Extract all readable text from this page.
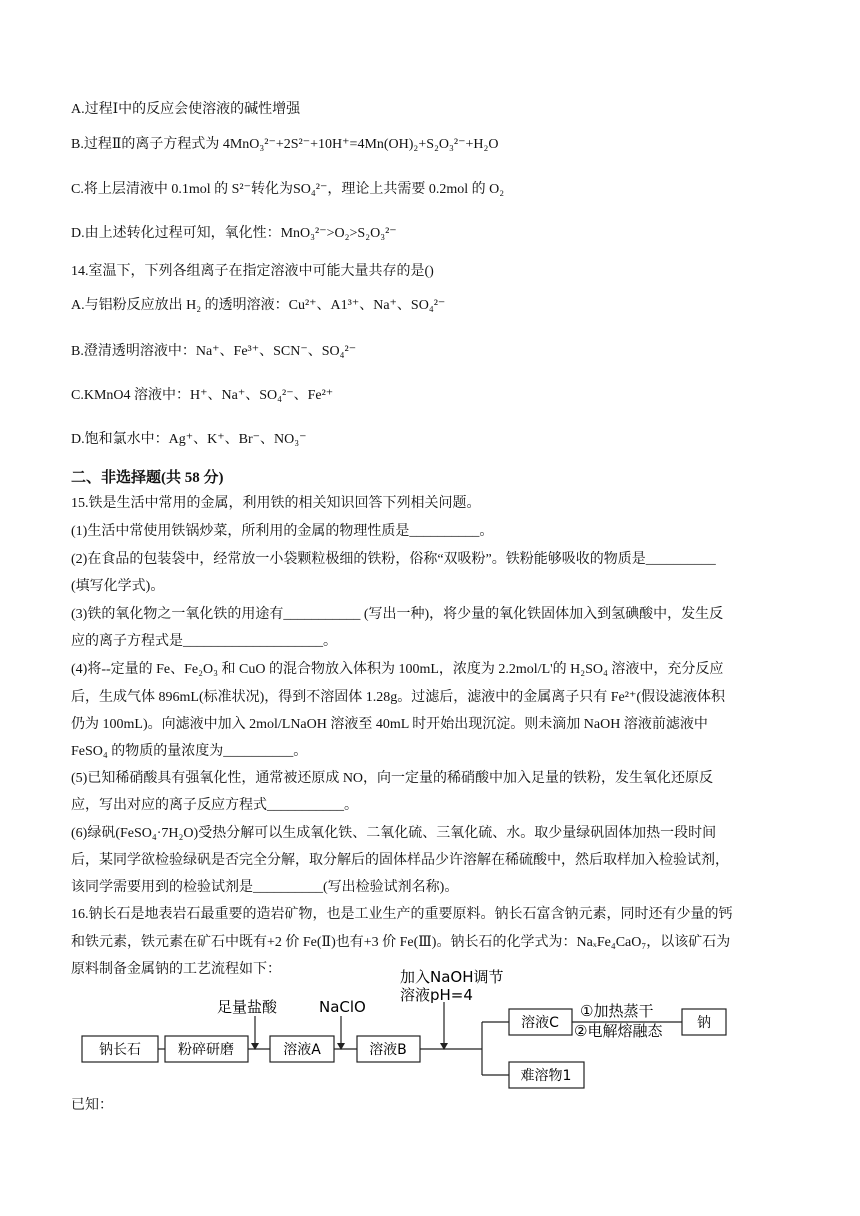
A.过程Ⅰ中的反应会使溶液的碱性增强
B.过程Ⅱ的离子方程式为 4MnO₃²⁻+2S²⁻+10H⁺=4Mn(OH)₂+S₂O₃²⁻+H₂O
C.将上层清液中 0.1mol 的 S²⁻转化为SO₄²⁻，理论上共需要 0.2mol 的 O₂
D.由上述转化过程可知，氧化性：MnO₃²⁻>O₂>S₂O₃²⁻
14.室温下，下列各组离子在指定溶液中可能大量共存的是()
A.与铝粉反应放出 H₂ 的透明溶液：Cu²⁺、A1³⁺、Na⁺、SO₄²⁻
B.澄清透明溶液中：Na⁺、Fe³⁺、SCN⁻、SO₄²⁻
C.KMnO4 溶液中：H⁺、Na⁺、SO₄²⁻、Fe²⁺
D.饱和氯水中：Ag⁺、K⁺、Br⁻、NO₃⁻
二、非选择题(共 58 分)
15.铁是生活中常用的金属，利用铁的相关知识回答下列相关问题。
(1)生活中常使用铁锅炒菜，所利用的金属的物理性质是__________。
(2)在食品的包装袋中，经常放一小袋颗粒极细的铁粉，俗称“双吸粉”。铁粉能够吸收的物质是__________
(填写化学式)。
(3)铁的氧化物之一氧化铁的用途有___________ (写出一种)，将少量的氧化铁固体加入到氢碘酸中，发生反
应的离子方程式是____________________。
(4)将--定量的 Fe、Fe₂O₃ 和 CuO 的混合物放入体积为 100mL，浓度为 2.2mol/L'的 H₂SO₄ 溶液中，充分反应
后，生成气体 896mL(标准状况)，得到不溶固体 1.28g。过滤后，滤液中的金属离子只有 Fe²⁺(假设滤液体积
仍为 100mL)。向滤液中加入 2mol/LNaOH 溶液至 40mL 时开始出现沉淀。则未滴加 NaOH 溶液前滤液中
FeSO₄ 的物质的量浓度为__________。
(5)已知稀硝酸具有强氧化性，通常被还原成 NO，向一定量的稀硝酸中加入足量的铁粉，发生氧化还原反
应，写出对应的离子反应方程式___________。
(6)绿矾(FeSO₄·7H₂O)受热分解可以生成氧化铁、二氧化硫、三氧化硫、水。取少量绿矾固体加热一段时间
后，某同学欲检验绿矾是否完全分解，取分解后的固体样品少许溶解在稀硫酸中，然后取样加入检验试剂，
该同学需要用到的检验试剂是__________(写出检验试剂名称)。
16.钠长石是地表岩石最重要的造岩矿物，也是工业生产的重要原料。钠长石富含钠元素，同时还有少量的钙
和铁元素，铁元素在矿石中既有+2 价 Fe(Ⅱ)也有+3 价 Fe(Ⅲ)。钠长石的化学式为：NaₓFe₄CaO₇，以该矿石为
原料制备金属钠的工艺流程如下：
钠长石	粉碎研磨	溶液A	溶液B
溶液C	钠
难溶物1
足量盐酸	NaClO
加入NaOH调节
溶液pH=4
①加热蒸干
②电解熔融态
已知：
